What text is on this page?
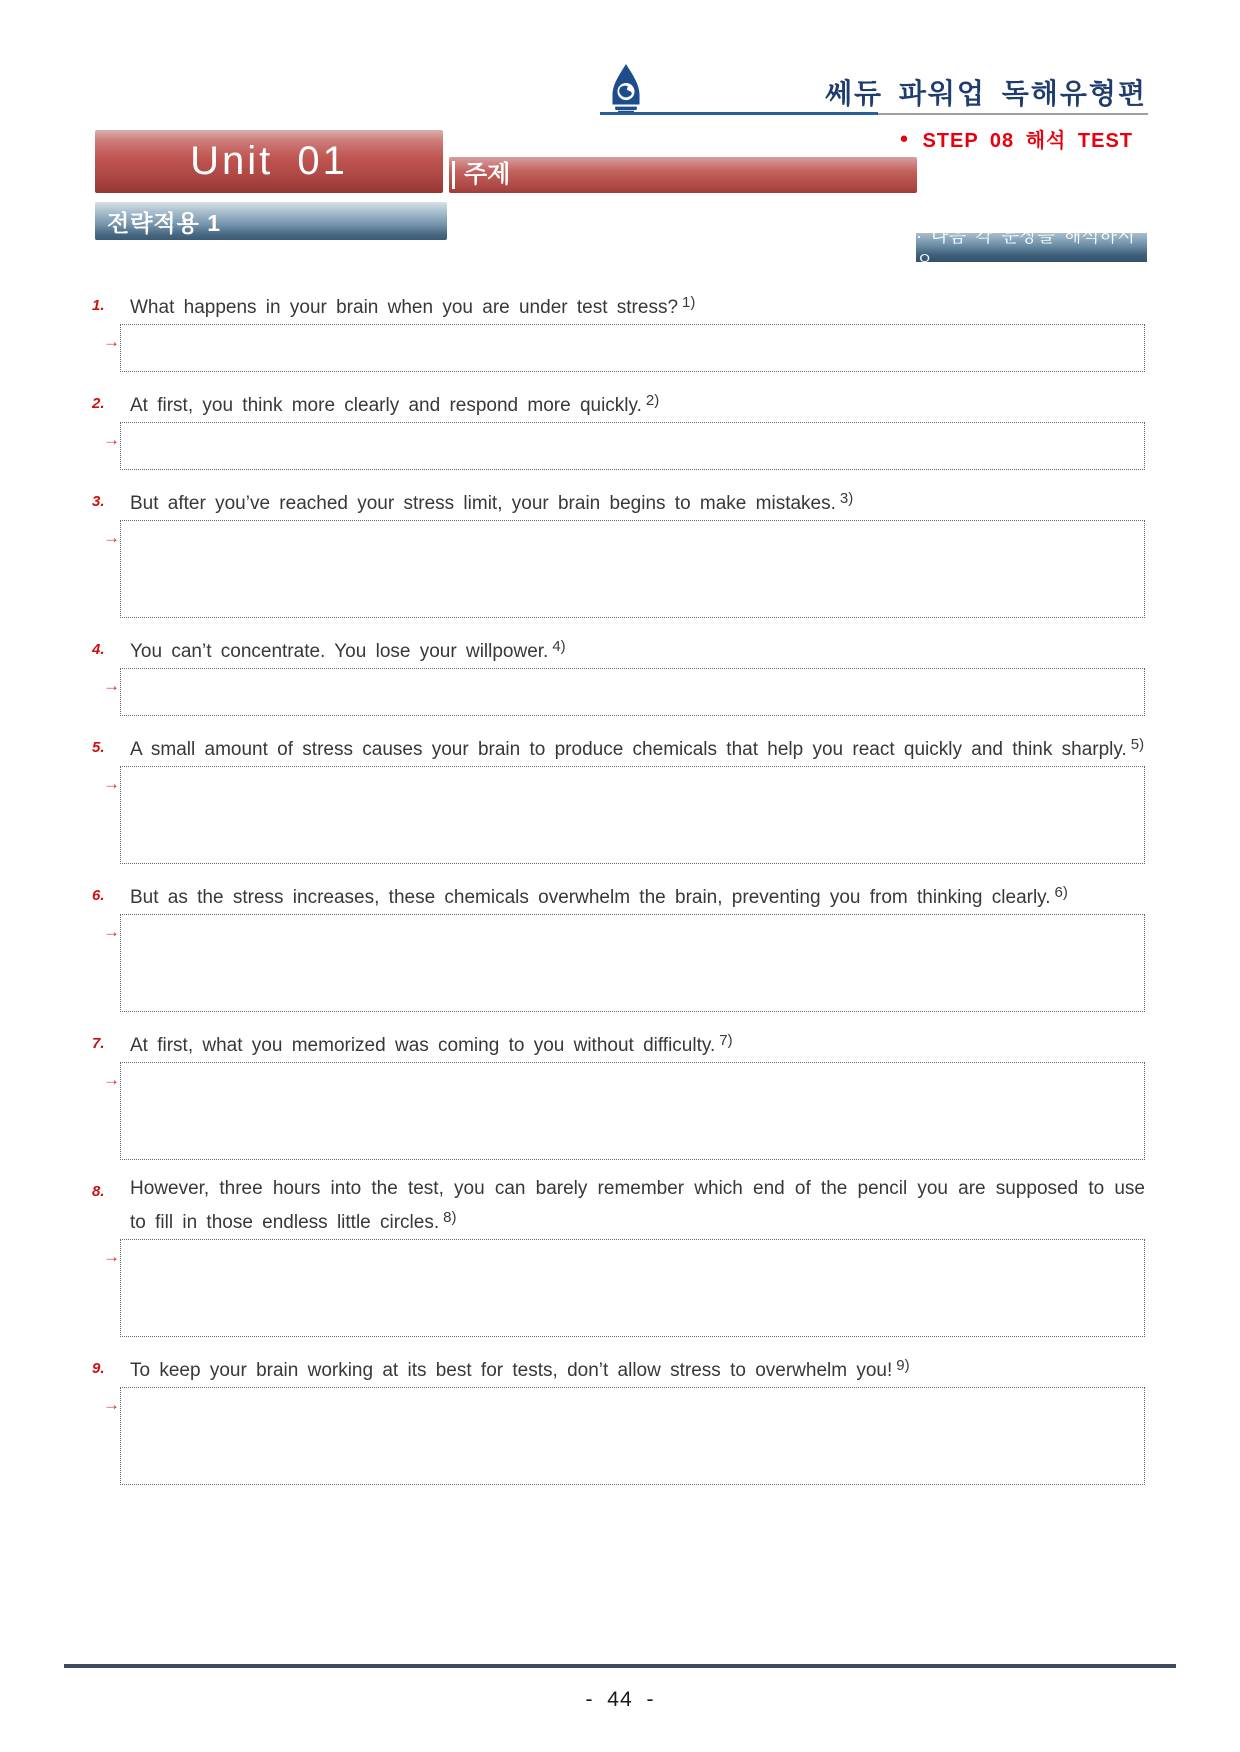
쎄듀 파워업 독해유형편
● STEP 08 해석 TEST
Unit 01	주제
전략적용 1	· 다음 각 문장을 해석하시오
1. What happens in your brain when you are under test stress? $^{1)}$
→
2. At first, you think more clearly and respond more quickly. $^{2)}$
→
3. But after you’ve reached your stress limit, your brain begins to make mistakes. $^{3)}$
→
4. You can’t concentrate. You lose your willpower. $^{4)}$
→
5. A small amount of stress causes your brain to produce chemicals that help you react quickly and think sharply. $^{5)}$
→
6. But as the stress increases, these chemicals overwhelm the brain, preventing you from thinking clearly. $^{6)}$
→
7. At first, what you memorized was coming to you without difficulty. $^{7)}$
→
8. However, three hours into the test, you can barely remember which end of the pencil you are supposed to use to fill in those endless little circles. $^{8)}$
→
9. To keep your brain working at its best for tests, don’t allow stress to overwhelm you! $^{9)}$
→
- 44 -
